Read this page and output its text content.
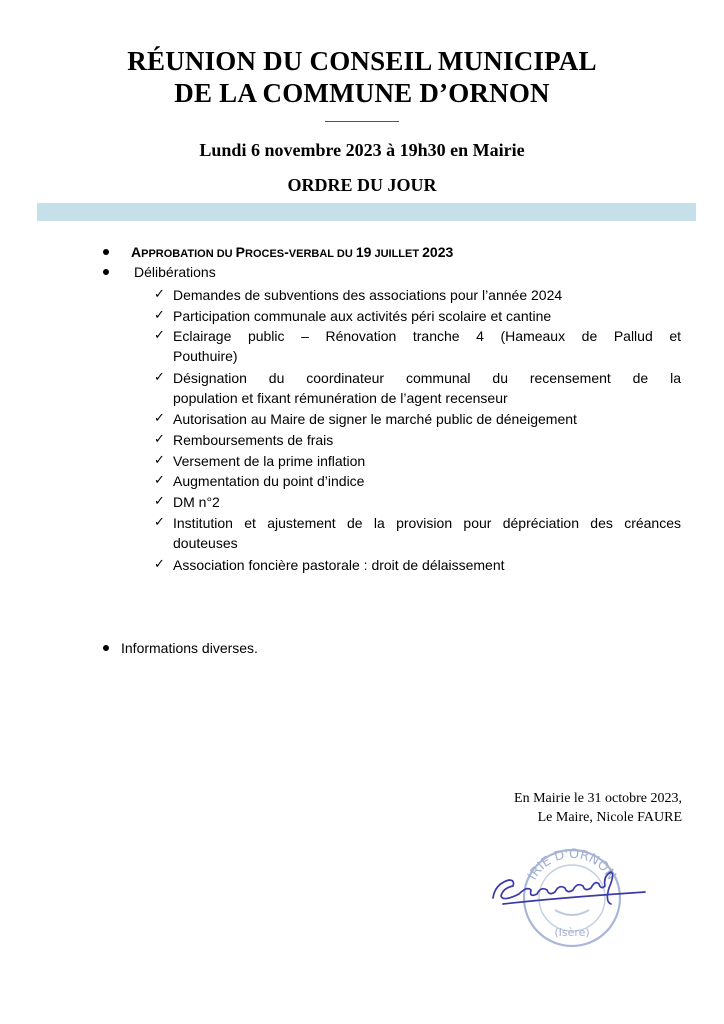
RÉUNION DU CONSEIL MUNICIPAL
DE LA COMMUNE D’ORNON
Lundi 6 novembre 2023 à 19h30 en Mairie
ORDRE DU JOUR
APPROBATION DU PROCES-VERBAL DU 19 JUILLET 2023
Délibérations
✓ Demandes de subventions des associations pour l’année 2024
✓ Participation communale aux activités péri scolaire et cantine
✓ Eclairage public – Rénovation tranche 4 (Hameaux de Pallud et
Pouthuire)
✓ Désignation du coordinateur communal du recensement de la
population et fixant rémunération de l’agent recenseur
✓ Autorisation au Maire de signer le marché public de déneigement
✓ Remboursements de frais
✓ Versement de la prime inflation
✓ Augmentation du point d’indice
✓ DM n°2
✓ Institution et ajustement de la provision pour dépréciation des créances
douteuses
✓ Association foncière pastorale : droit de délaissement
Informations diverses.
En Mairie le 31 octobre 2023,
Le Maire, Nicole FAURE
IRIE D'ORNON
(Isère)
